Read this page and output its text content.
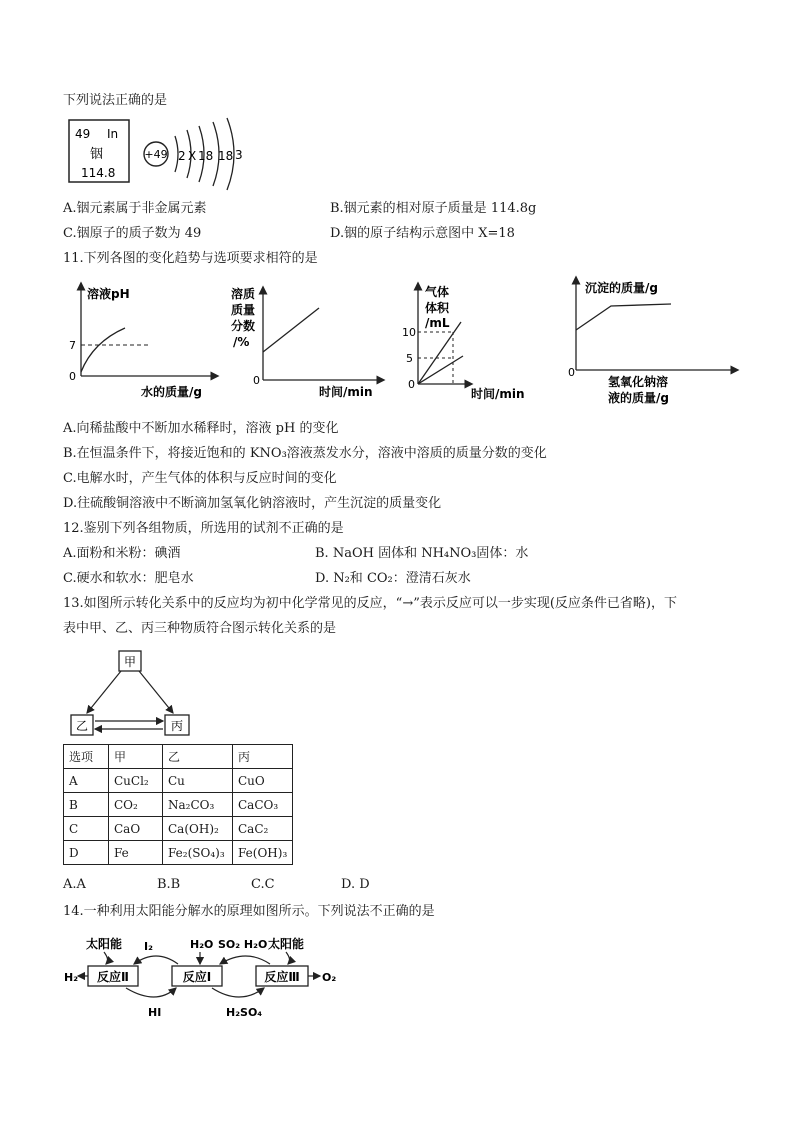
下列说法正确的是
49 In
铟
114.8
+49 2 X 18 18 3
A.铟元素属于非金属元素	B.铟元素的相对原子质量是 114.8g
C.铟原子的质子数为 49	D.铟的原子结构示意图中 X=18
11.下列各图的变化趋势与选项要求相符的是
溶液pH
0
7
水的质量/g
溶质
质量
分数
/%
0
时间/min
气体
体积
/mL
10
5
0
时间/min
沉淀的质量/g
0
氢氧化钠溶
液的质量/g
A.向稀盐酸中不断加水稀释时，溶液 pH 的变化
B.在恒温条件下，将接近饱和的 KNO₃溶液蒸发水分，溶液中溶质的质量分数的变化
C.电解水时，产生气体的体积与反应时间的变化
D.往硫酸铜溶液中不断滴加氢氧化钠溶液时，产生沉淀的质量变化
12.鉴别下列各组物质，所选用的试剂不正确的是
A.面粉和米粉：碘酒	B. NaOH 固体和 NH₄NO₃固体：水
C.硬水和软水：肥皂水	D. N₂和 CO₂：澄清石灰水
13.如图所示转化关系中的反应均为初中化学常见的反应，“→”表示反应可以一步实现(反应条件已省略)，下
表中甲、乙、丙三种物质符合图示转化关系的是
甲
乙	丙
选项	甲	乙	丙
A	CuCl₂	Cu	CuO
B	CO₂	Na₂CO₃	CaCO₃
C	CaO	Ca(OH)₂	CaC₂
D	Fe	Fe₂(SO₄)₃	Fe(OH)₃
A.A	B.B	C.C	D. D
14.一种利用太阳能分解水的原理如图所示。下列说法不正确的是
太阳能 I₂	H₂O SO₂ H₂O 太阳能
反应Ⅱ	反应Ⅰ	反应Ⅲ
H₂	O₂
HI	H₂SO₄
